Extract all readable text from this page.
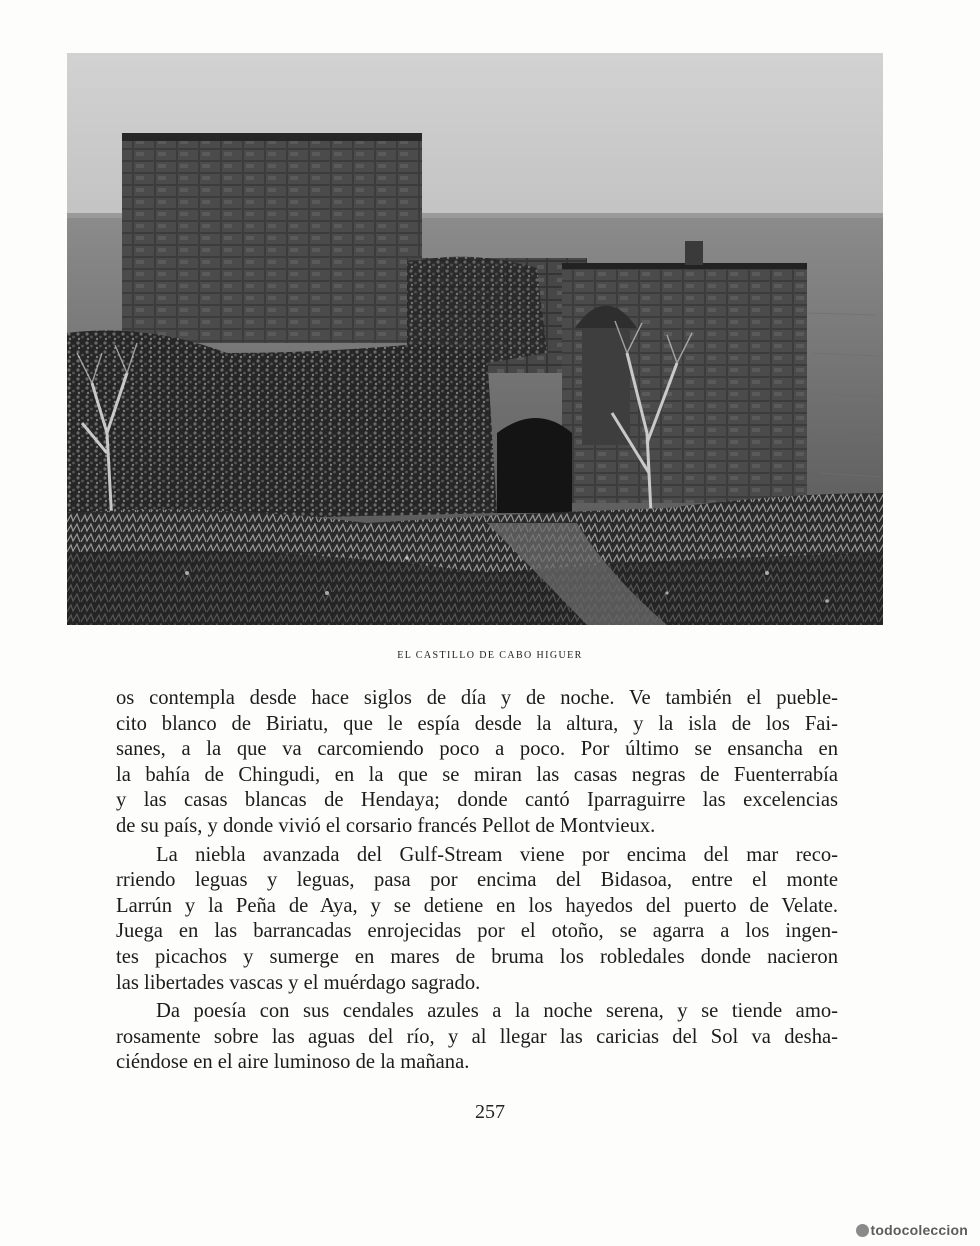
EL CASTILLO DE CABO HIGUER
os contempla desde hace siglos de día y de noche. Ve también el pueble-
cito blanco de Biriatu, que le espía desde la altura, y la isla de los Fai-
sanes, a la que va carcomiendo poco a poco. Por último se ensancha en
la bahía de Chingudi, en la que se miran las casas negras de Fuenterrabía
y las casas blancas de Hendaya; donde cantó Iparraguirre las excelencias
de su país, y donde vivió el corsario francés Pellot de Montvieux.
La niebla avanzada del Gulf-Stream viene por encima del mar reco-
rriendo leguas y leguas, pasa por encima del Bidasoa, entre el monte
Larrún y la Peña de Aya, y se detiene en los hayedos del puerto de Velate.
Juega en las barrancadas enrojecidas por el otoño, se agarra a los ingen-
tes picachos y sumerge en mares de bruma los robledales donde nacieron
las libertades vascas y el muérdago sagrado.
Da poesía con sus cendales azules a la noche serena, y se tiende amo-
rosamente sobre las aguas del río, y al llegar las caricias del Sol va desha-
ciéndose en el aire luminoso de la mañana.
257
todocoleccion
